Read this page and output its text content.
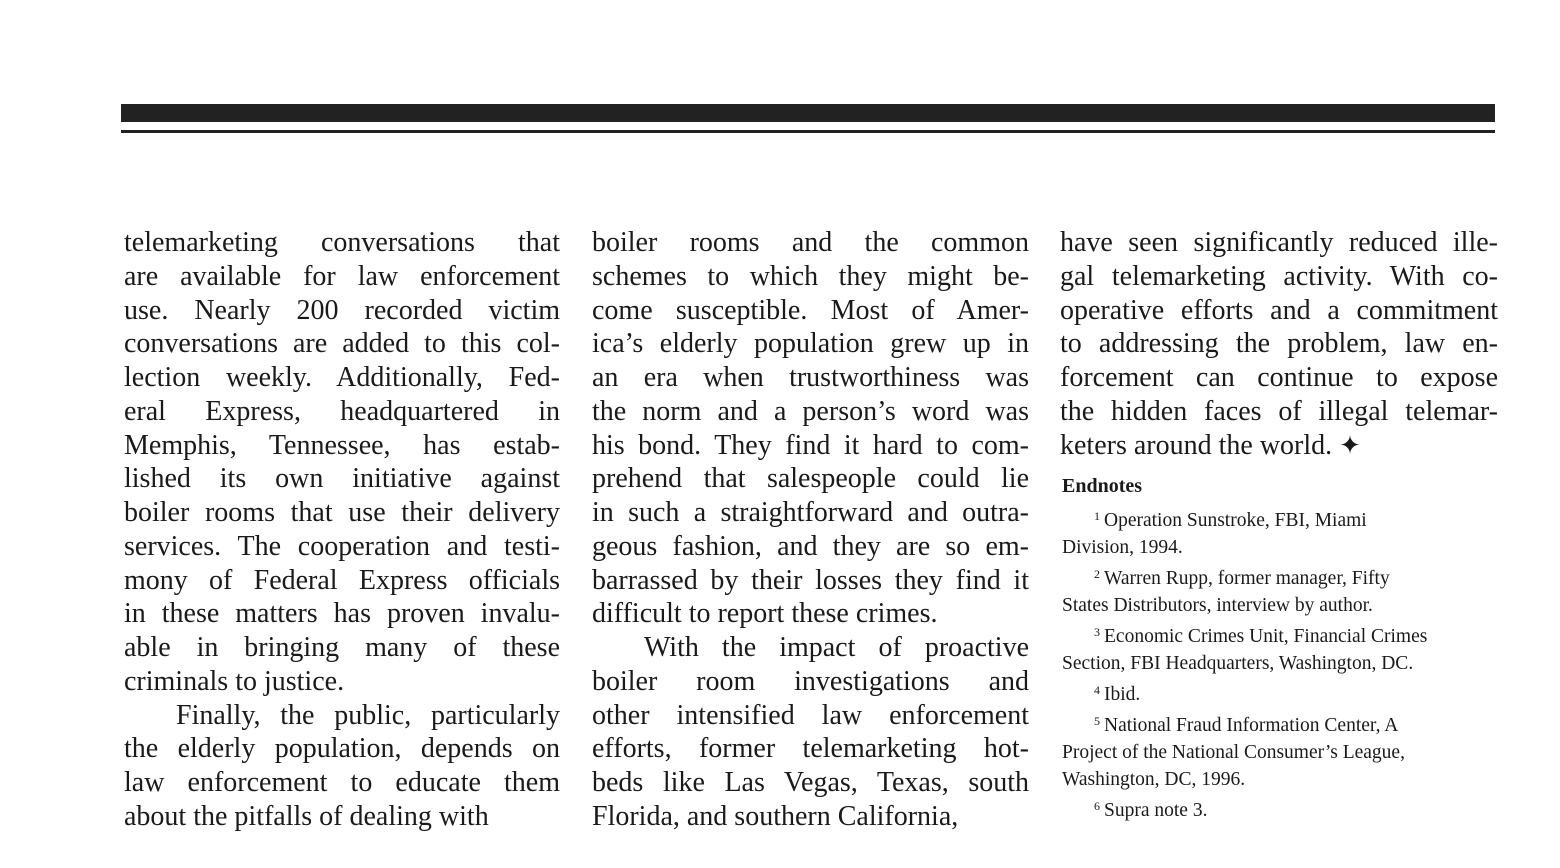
telemarketing conversations that
are available for law enforcement
use. Nearly 200 recorded victim
conversations are added to this col-
lection weekly. Additionally, Fed-
eral Express, headquartered in
Memphis, Tennessee, has estab-
lished its own initiative against
boiler rooms that use their delivery
services. The cooperation and testi-
mony of Federal Express officials
in these matters has proven invalu-
able in bringing many of these
criminals to justice.

Finally, the public, particularly
the elderly population, depends on
law enforcement to educate them
about the pitfalls of dealing with

boiler rooms and the common
schemes to which they might be-
come susceptible. Most of Amer-
ica’s elderly population grew up in
an era when trustworthiness was
the norm and a person’s word was
his bond. They find it hard to com-
prehend that salespeople could lie
in such a straightforward and outra-
geous fashion, and they are so em-
barrassed by their losses they find it
difficult to report these crimes.

With the impact of proactive
boiler room investigations and
other intensified law enforcement
efforts, former telemarketing hot-
beds like Las Vegas, Texas, south
Florida, and southern California,

have seen significantly reduced ille-
gal telemarketing activity. With co-
operative efforts and a commitment
to addressing the problem, law en-
forcement can continue to expose
the hidden faces of illegal telemar-
keters around the world. ✦

Endnotes
$^1$ Operation Sunstroke, FBI, Miami
Division, 1994.
$^2$ Warren Rupp, former manager, Fifty
States Distributors, interview by author.
$^3$ Economic Crimes Unit, Financial Crimes
Section, FBI Headquarters, Washington, DC.
$^4$ Ibid.
$^5$ National Fraud Information Center, A
Project of the National Consumer’s League,
Washington, DC, 1996.
$^6$ Supra note 3.
